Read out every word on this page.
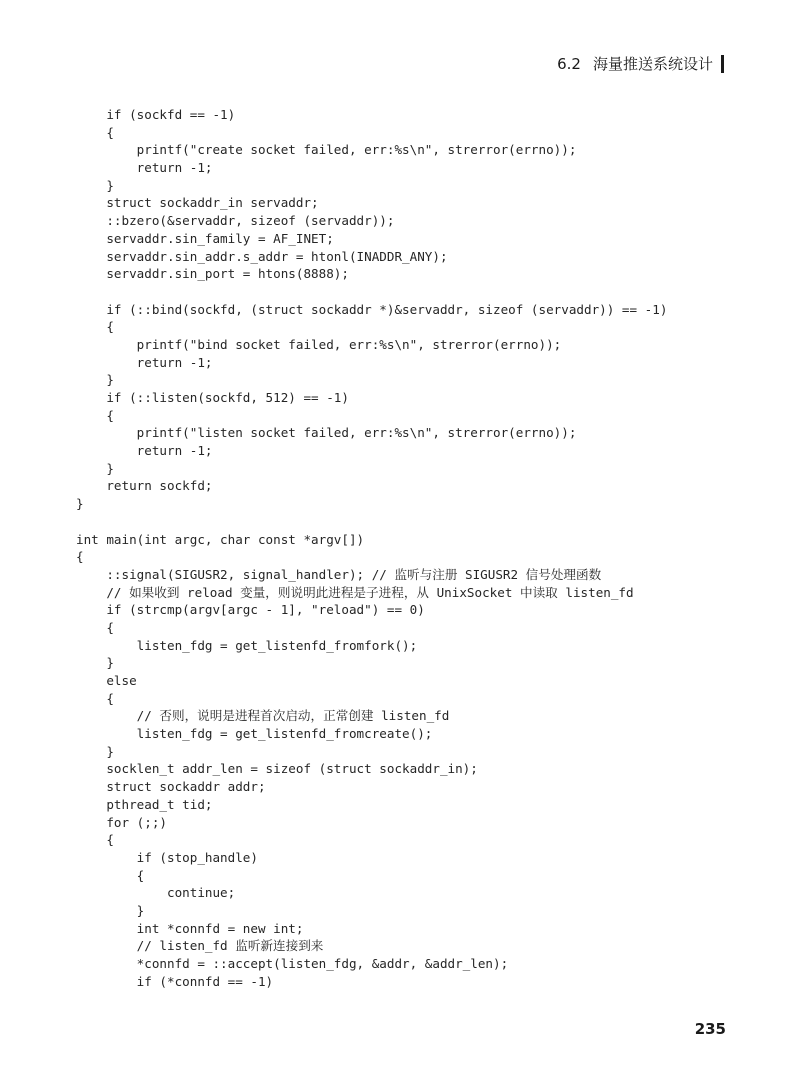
6.2 海量推送系统设计
if (sockfd == -1)
{
printf("create socket failed, err:%s\n", strerror(errno));
return -1;
}
struct sockaddr_in servaddr;
::bzero(&servaddr, sizeof (servaddr));
servaddr.sin_family = AF_INET;
servaddr.sin_addr.s_addr = htonl(INADDR_ANY);
servaddr.sin_port = htons(8888);
if (::bind(sockfd, (struct sockaddr *)&servaddr, sizeof (servaddr)) == -1)
{
printf("bind socket failed, err:%s\n", strerror(errno));
return -1;
}
if (::listen(sockfd, 512) == -1)
{
printf("listen socket failed, err:%s\n", strerror(errno));
return -1;
}
return sockfd;
}
int main(int argc, char const *argv[])
{
::signal(SIGUSR2, signal_handler); // 监听与注册 SIGUSR2 信号处理函数
// 如果收到 reload 变量，则说明此进程是子进程，从 UnixSocket 中读取 listen_fd
if (strcmp(argv[argc - 1], "reload") == 0)
{
listen_fdg = get_listenfd_fromfork();
}
else
{
// 否则，说明是进程首次启动，正常创建 listen_fd
listen_fdg = get_listenfd_fromcreate();
}
socklen_t addr_len = sizeof (struct sockaddr_in);
struct sockaddr addr;
pthread_t tid;
for (;;)
{
if (stop_handle)
{
continue;
}
int *connfd = new int;
// listen_fd 监听新连接到来
*connfd = ::accept(listen_fdg, &addr, &addr_len);
if (*connfd == -1)
235
